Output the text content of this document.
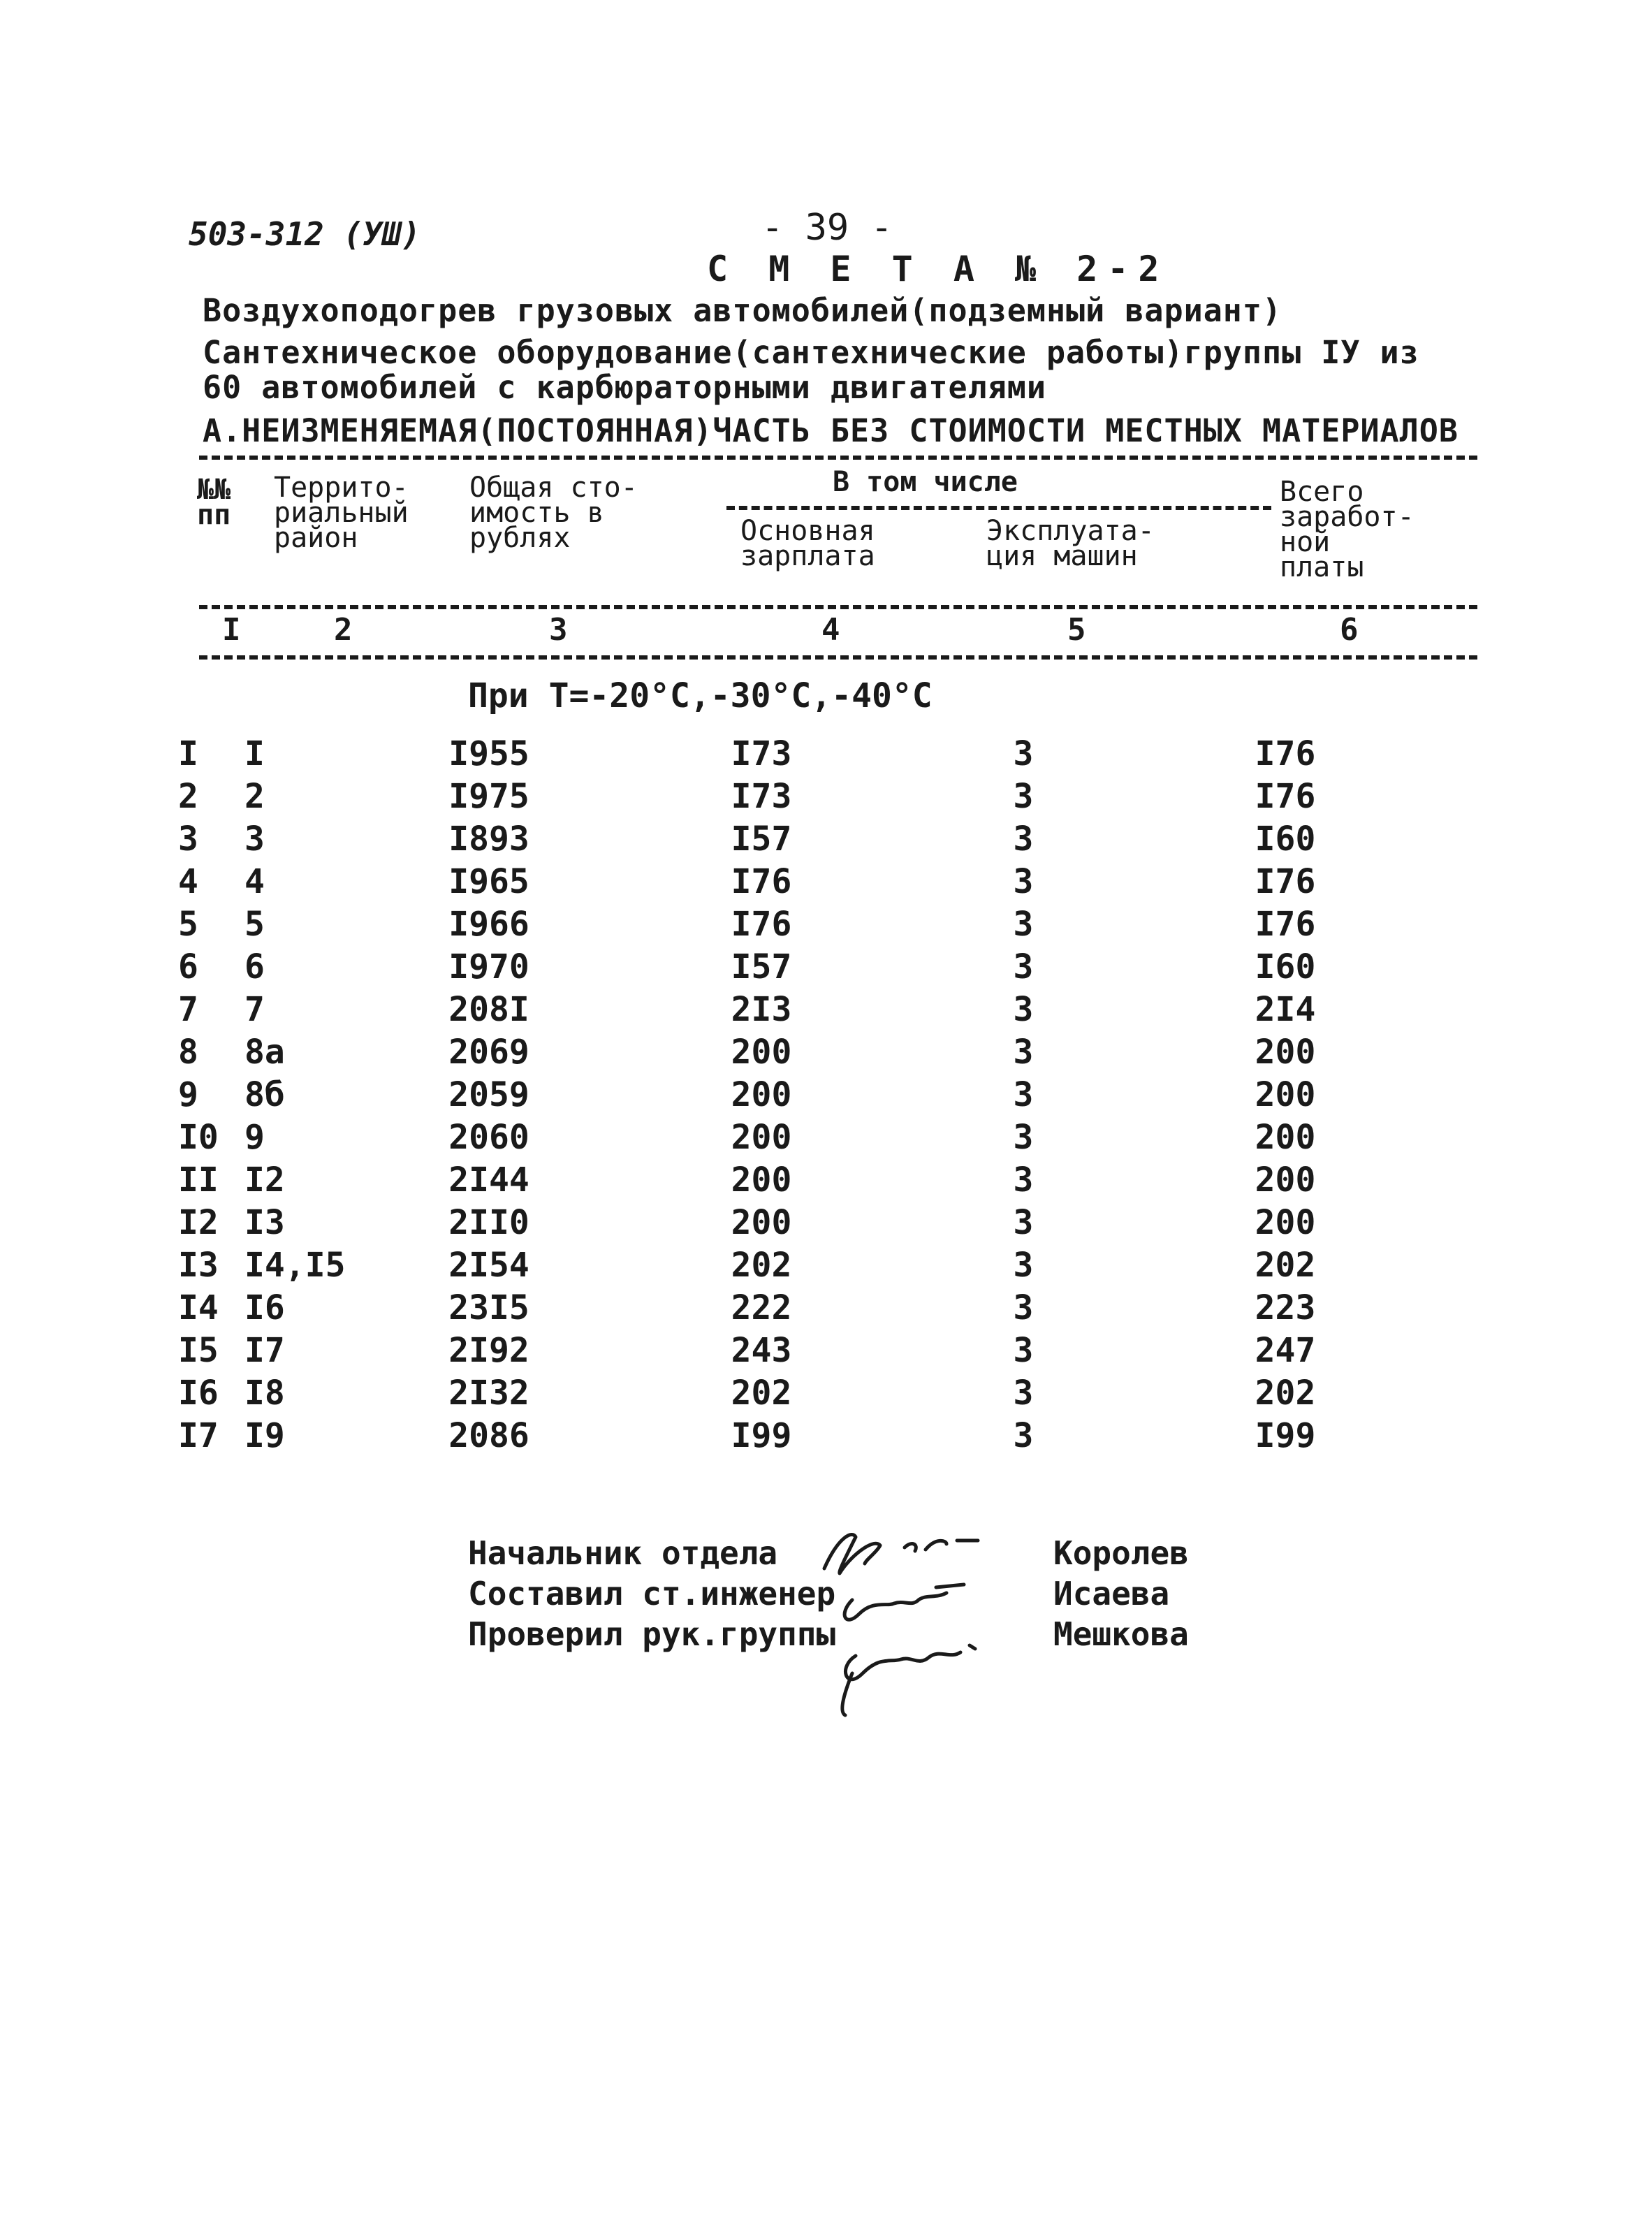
503-312 (УШ)	- 39 -
С М Е Т А № 2-2
Воздухоподогрев грузовых автомобилей(подземный вариант)
Сантехническое оборудование(сантехнические работы)группы IУ из
60 автомобилей с карбюраторными двигателями
А.НЕИЗМЕНЯЕМАЯ(ПОСТОЯННАЯ)ЧАСТЬ БЕЗ СТОИМОСТИ МЕСТНЫХ МАТЕРИАЛОВ
№№
пп
Террито-
риальный
район
Общая сто-
имость в
рублях
В том числе
Основная
зарплата
Эксплуата-
ция машин
Всего
заработ-
ной
платы
I	2	3	4	5	6
При Т=-20°С,-30°С,-40°С
I	I	I955	I73	3	I76
2	2	I975	I73	3	I76
3	3	I893	I57	3	I60
4	4	I965	I76	3	I76
5	5	I966	I76	3	I76
6	6	I970	I57	3	I60
7	7	208I	2I3	3	2I4
8	8а	2069	200	3	200
9	8б	2059	200	3	200
I0	9	2060	200	3	200
II	I2	2I44	200	3	200
I2	I3	2II0	200	3	200
I3	I4,I5	2I54	202	3	202
I4	I6	23I5	222	3	223
I5	I7	2I92	243	3	247
I6	I8	2I32	202	3	202
I7	I9	2086	I99	3	I99
Начальник отдела	Королев
Составил ст.инженер	Исаева
Проверил рук.группы	Мешкова
